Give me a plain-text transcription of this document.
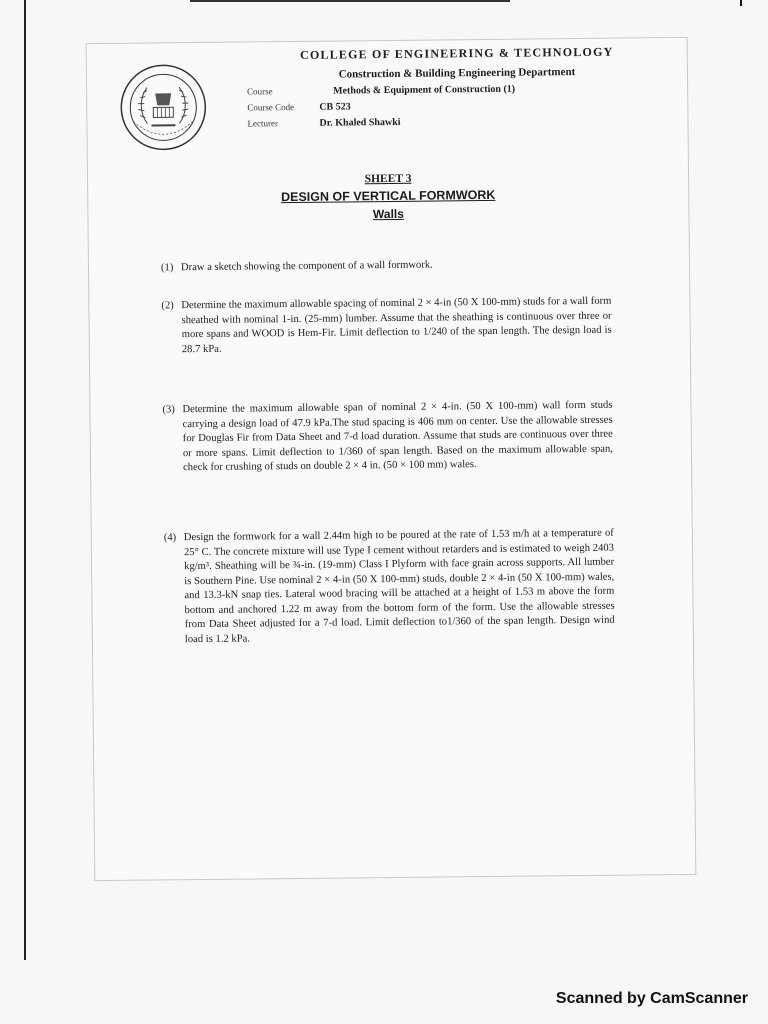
COLLEGE OF ENGINEERING & TECHNOLOGY

Construction & Building Engineering Department

Course	Methods & Equipment of Construction (1)
Course Code	CB 523
Lecturer	Dr. Khaled Shawki

SHEET 3

DESIGN OF VERTICAL FORMWORK

Walls

(1) Draw a sketch showing the component of a wall formwork.
(2) Determine the maximum allowable spacing of nominal 2 × 4-in (50 X 100-mm) studs for a wall form sheathed with nominal 1-in. (25-mm) lumber. Assume that the sheathing is continuous over three or more spans and WOOD is Hem-Fir. Limit deflection to 1/240 of the span length. The design load is 28.7 kPa.
(3) Determine the maximum allowable span of nominal 2 × 4-in. (50 X 100-mm) wall form studs carrying a design load of 47.9 kPa.The stud spacing is 406 mm on center. Use the allowable stresses for Douglas Fir from Data Sheet and 7-d load duration. Assume that studs are continuous over three or more spans. Limit deflection to 1/360 of span length. Based on the maximum allowable span, check for crushing of studs on double 2 × 4 in. (50 × 100 mm) wales.
(4) Design the formwork for a wall 2.44m high to be poured at the rate of 1.53 m/h at a temperature of 25° C. The concrete mixture will use Type I cement without retarders and is estimated to weigh 2403 kg/m³. Sheathing will be ¾-in. (19-mm) Class I Plyform with face grain across supports. All lumber is Southern Pine. Use nominal 2 × 4-in (50 X 100-mm) studs, double 2 × 4-in (50 X 100-mm) wales, and 13.3-kN snap ties. Lateral wood bracing will be attached at a height of 1.53 m above the form bottom and anchored 1.22 m away from the bottom form of the form. Use the allowable stresses from Data Sheet adjusted for a 7-d load. Limit deflection to1/360 of the span length. Design wind load is 1.2 kPa.
Scanned by CamScanner
